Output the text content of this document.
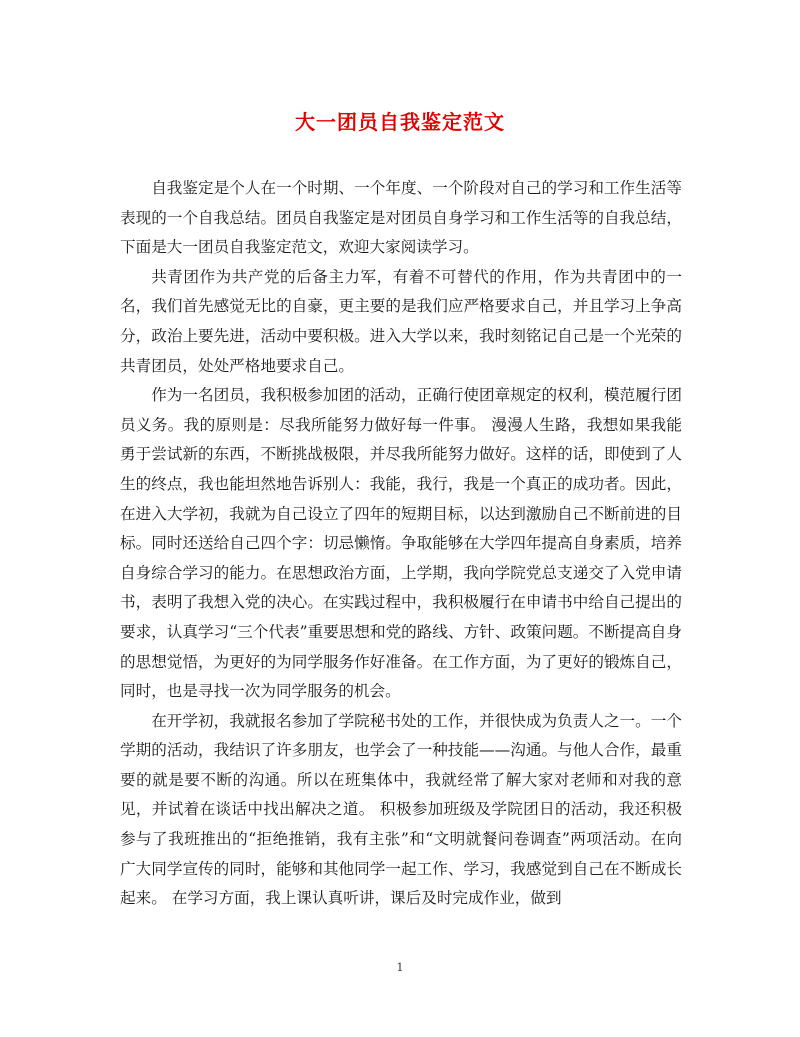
大一团员自我鉴定范文

自我鉴定是个人在一个时期、一个年度、一个阶段对自己的学习和工作生活等表现的一个自我总结。团员自我鉴定是对团员自身学习和工作生活等的自我总结，下面是大一团员自我鉴定范文，欢迎大家阅读学习。

共青团作为共产党的后备主力军，有着不可替代的作用，作为共青团中的一名，我们首先感觉无比的自豪，更主要的是我们应严格要求自己，并且学习上争高分，政治上要先进，活动中要积极。进入大学以来，我时刻铭记自己是一个光荣的共青团员，处处严格地要求自己。

作为一名团员，我积极参加团的活动，正确行使团章规定的权利，模范履行团员义务。我的原则是：尽我所能努力做好每一件事。 漫漫人生路，我想如果我能勇于尝试新的东西，不断挑战极限，并尽我所能努力做好。这样的话，即使到了人生的终点，我也能坦然地告诉别人：我能，我行，我是一个真正的成功者。因此，在进入大学初，我就为自己设立了四年的短期目标，以达到激励自己不断前进的目标。同时还送给自己四个字：切忌懒惰。争取能够在大学四年提高自身素质，培养自身综合学习的能力。在思想政治方面，上学期，我向学院党总支递交了入党申请书，表明了我想入党的决心。在实践过程中，我积极履行在申请书中给自己提出的要求，认真学习“三个代表”重要思想和党的路线、方针、政策问题。不断提高自身的思想觉悟，为更好的为同学服务作好准备。在工作方面，为了更好的锻炼自己，同时，也是寻找一次为同学服务的机会。

在开学初，我就报名参加了学院秘书处的工作，并很快成为负责人之一。一个学期的活动，我结识了许多朋友，也学会了一种技能——沟通。与他人合作，最重要的就是要不断的沟通。所以在班集体中，我就经常了解大家对老师和对我的意见，并试着在谈话中找出解决之道。 积极参加班级及学院团日的活动，我还积极参与了我班推出的“拒绝推销，我有主张”和“文明就餐问卷调查”两项活动。在向广大同学宣传的同时，能够和其他同学一起工作、学习，我感觉到自己在不断成长起来。 在学习方面，我上课认真听讲，课后及时完成作业，做到

1
